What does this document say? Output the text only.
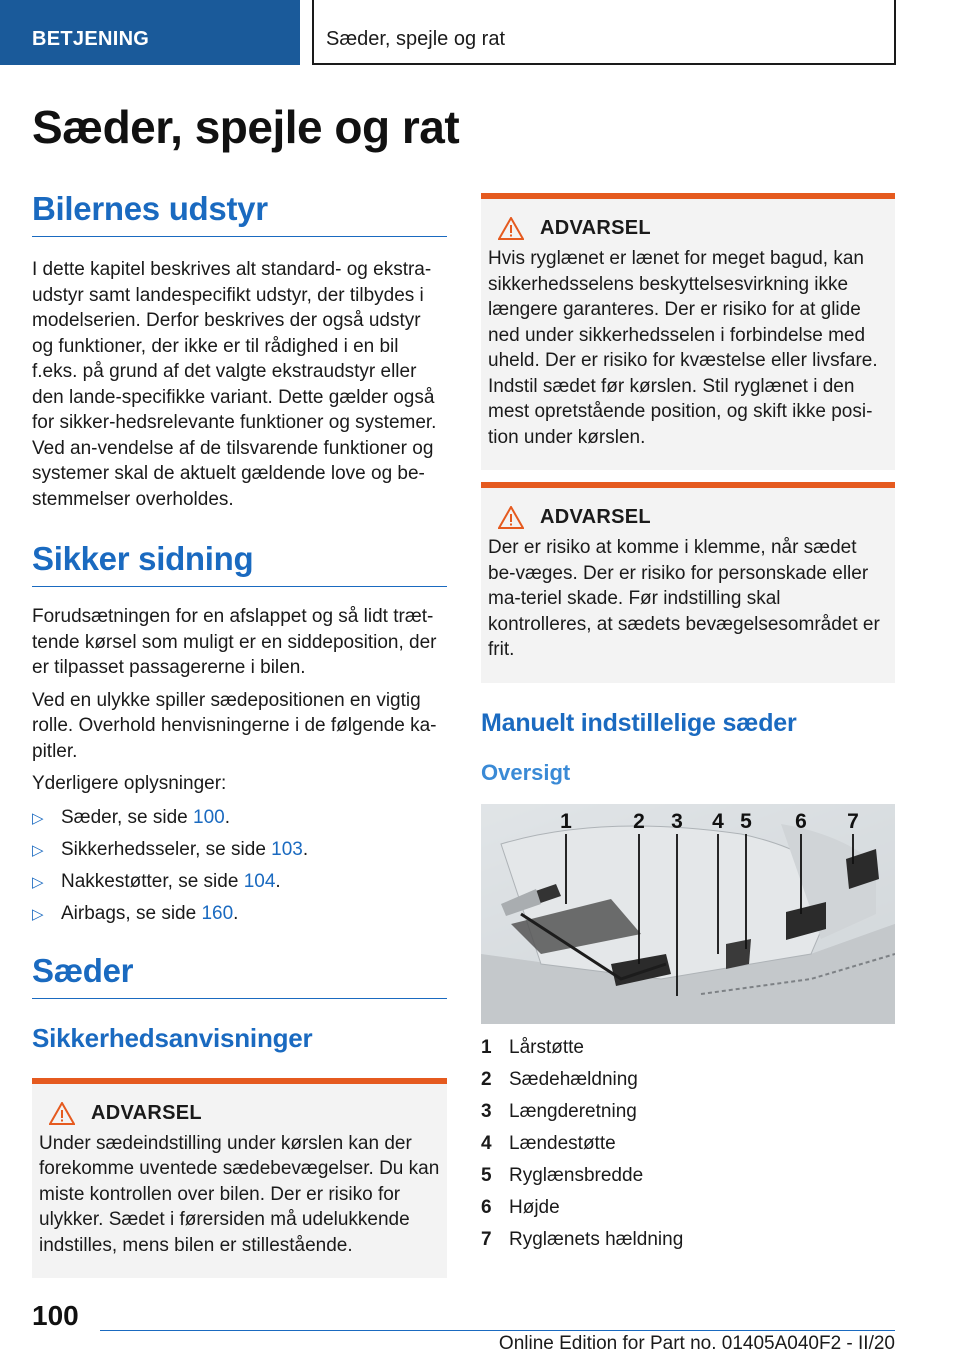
BETJENING	Sæder, spejle og rat
Sæder, spejle og rat
Bilernes udstyr
I dette kapitel beskrives alt standard- og ekstra-udstyr samt landespecifikt udstyr, der tilbydes i modelserien. Derfor beskrives der også udstyr og funktioner, der ikke er til rådighed i en bil f.eks. på grund af det valgte ekstraudstyr eller den lande-specifikke variant. Dette gælder også for sikker-hedsrelevante funktioner og systemer. Ved an-vendelse af de tilsvarende funktioner og systemer skal de aktuelt gældende love og be-stemmelser overholdes.
Sikker sidning
Forudsætningen for en afslappet og så lidt træt-tende kørsel som muligt er en siddeposition, der er tilpasset passagererne i bilen.
Ved en ulykke spiller sædepositionen en vigtig rolle. Overhold henvisningerne i de følgende ka-pitler.
Yderligere oplysninger:
▷ Sæder, se side 100.
▷ Sikkerhedsseler, se side 103.
▷ Nakkestøtter, se side 104.
▷ Airbags, se side 160.
Sæder
Sikkerhedsanvisninger
ADVARSEL
Under sædeindstilling under kørslen kan der forekomme uventede sædebevægelser. Du kan miste kontrollen over bilen. Der er risiko for ulykker. Sædet i førersiden må udelukkende indstilles, mens bilen er stillestående.
ADVARSEL
Hvis ryglænet er lænet for meget bagud, kan sikkerhedsselens beskyttelsesvirkning ikke længere garanteres. Der er risiko for at glide ned under sikkerhedsselen i forbindelse med uheld. Der er risiko for kvæstelse eller livsfare. Indstil sædet før kørslen. Stil ryglænet i den mest opretstående position, og skift ikke posi-tion under kørslen.
ADVARSEL
Der er risiko at komme i klemme, når sædet be-væges. Der er risiko for personskade eller ma-teriel skade. Før indstilling skal kontrolleres, at sædets bevægelsesområdet er frit.
Manuelt indstillelige sæder
Oversigt
1	2 3 4 5 6 7
1 Lårstøtte
2 Sædehældning
3 Længderetning
4 Lændestøtte
5 Ryglænsbredde
6 Højde
7 Ryglænets hældning
100
Online Edition for Part no. 01405A040F2 - II/20
